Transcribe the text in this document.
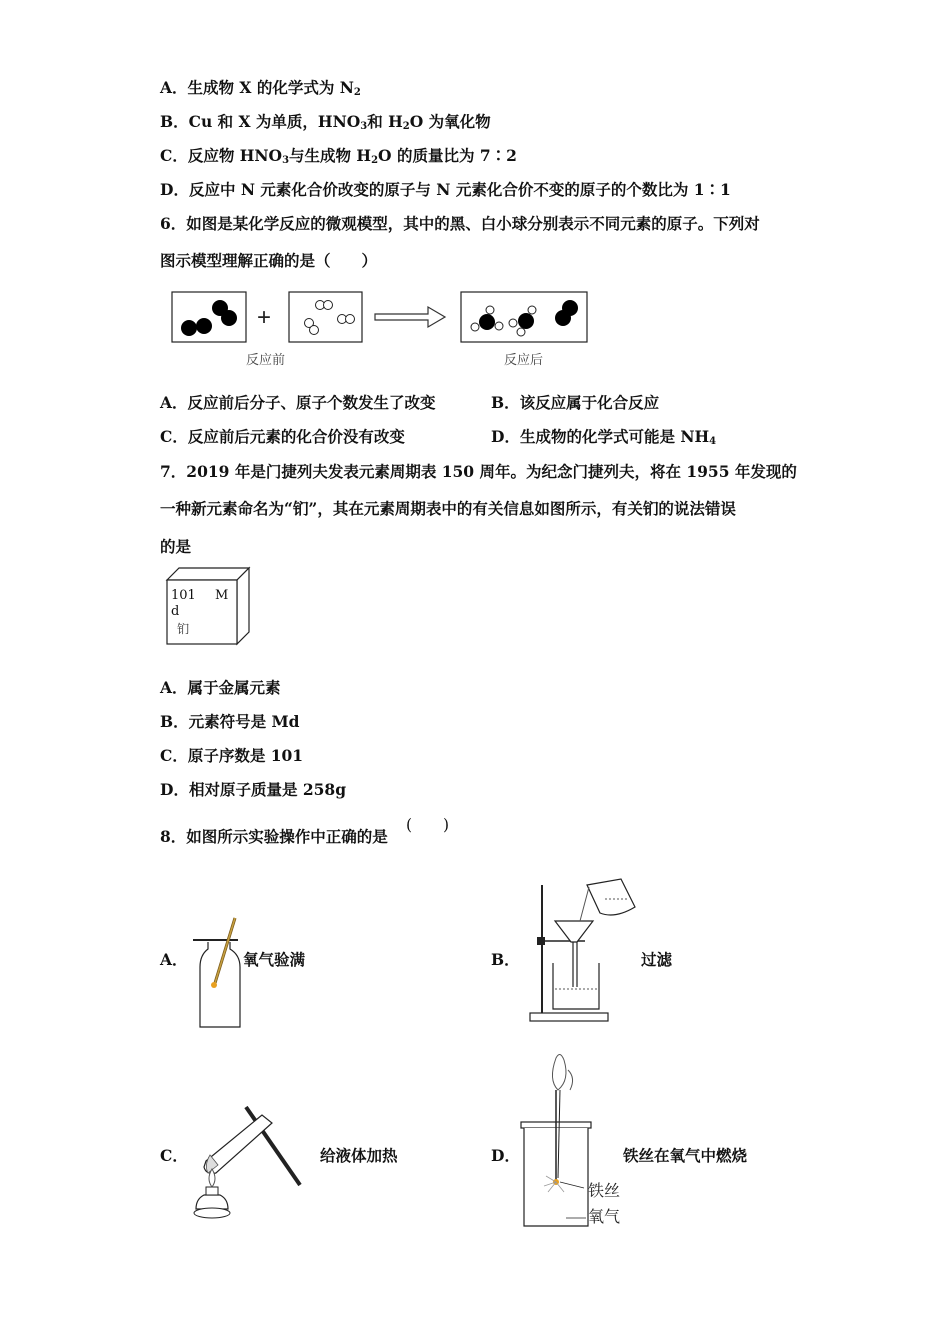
A．生成物 X 的化学式为 $N_2$
B．Cu 和 X 为单质，$HNO_3$和 $H_2O$ 为氧化物
C．反应物 $HNO_3$与生成物 $H_2O$ 的质量比为 7∶2
D．反应中 N 元素化合价改变的原子与 N 元素化合价不变的原子的个数比为 1∶1
6．如图是某化学反应的微观模型，其中的黑、白小球分别表示不同元素的原子。下列对
图示模型理解正确的是（　　）
+
反应前	反应后
A．反应前后分子、原子个数发生了改变	B．该反应属于化合反应
C．反应前后元素的化合价没有改变	D．生成物的化学式可能是 $NH_4$
7．2019 年是门捷列夫发表元素周期表 150 周年。为纪念门捷列夫，将在 1955 年发现的
一种新元素命名为“钔”，其在元素周期表中的有关信息如图所示，有关钔的说法错误
的是
101 M
d
钔
A．属于金属元素
B．元素符号是 Md
C．原子序数是 101
D．相对原子质量是 258g
8．如图所示实验操作中正确的是
(　　)
A．	氧气验满	B．	过滤
C．	给液体加热	D．
铁丝
氧气
铁丝在氧气中燃烧
